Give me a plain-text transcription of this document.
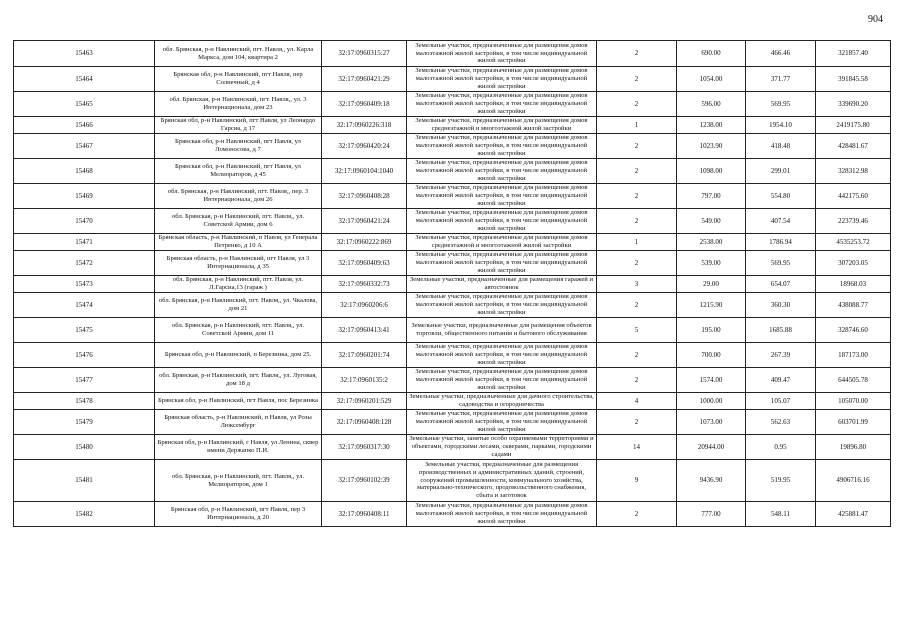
904
15463	обл. Брянская, р-н Навлинский, пгт. Навля,, ул. Карла Маркса, дом 104, квартира 2	32:17:0960315:27	Земельные участки, предназначенные для размещения домов малоэтажной жилой застройки, в том числе индивидуальной жилой застройки	2	690.00	466.46	321857.40
15464	Брянская обл, р-н Навлинский, пгт Навля, пер Солнечный, д 4	32:17:0960421:29	Земельные участки, предназначенные для размещения домов малоэтажной жилой застройки, в том числе индивидуальной жилой застройки	2	1054.00	371.77	391845.58
15465	обл. Брянская, р-н Навлинский, пгт. Навля,, ул. 3 Интернационала, дом 23	32:17:0960409:18	Земельные участки, предназначенные для размещения домов малоэтажной жилой застройки, в том числе индивидуальной жилой застройки	2	596.00	569.95	339690.20
15466	Брянская обл, р-н Навлинский, пгт Навля, ул Леонардо Гарсиа, д 17	32:17:0960226:318	Земельные участки, предназначенные для размещения домов среднеэтажной и многоэтажной жилой застройки	1	1238.00	1954.10	2419175.80
15467	Брянская обл, р-н Навлинский, пгт Навля, ул Ломоносова, д 7	32:17:0960420:24	Земельные участки, предназначенные для размещения домов малоэтажной жилой застройки, в том числе индивидуальной жилой застройки	2	1023.90	418.48	428481.67
15468	Брянская обл, р-н Навлинский, пгт Навля, ул Мелиораторов, д 45	32:17:0960104:1040	Земельные участки, предназначенные для размещения домов малоэтажной жилой застройки, в том числе индивидуальной жилой застройки	2	1098.00	299.01	328312.98
15469	обл. Брянская, р-н Навлинский, пгт. Навля,, пер. 3 Интернационала, дом 26	32:17:0960408:28	Земельные участки, предназначенные для размещения домов малоэтажной жилой застройки, в том числе индивидуальной жилой застройки	2	797.00	554.80	442175.60
15470	обл. Брянская, р-н Навлинский, пгт. Навля,, ул. Советской Армии, дом 6	32:17:0960421:24	Земельные участки, предназначенные для размещения домов малоэтажной жилой застройки, в том числе индивидуальной жилой застройки	2	549.00	407.54	223739.46
15471	Брянская область, р-н Навлинский, п Навля, ул Генерала Петренко, д 10 А	32:17:0960222:869	Земельные участки, предназначенные для размещения домов среднеэтажной и многоэтажной жилой застройки	1	2538.00	1786.94	4535253.72
15472	Брянская область, р-н Навлинский, пгт Навля, ул 3 Интернационала, д 35	32:17:0960409:63	Земельные участки, предназначенные для размещения домов малоэтажной жилой застройки, в том числе индивидуальной жилой застройки	2	539.00	569.95	307203.05
15473	обл. Брянская, р-н Навлинский, пгт. Навля, ул. Л.Гарсиа,13 (гараж )	32:17:0960332:73	Земельные участки, предназначенные для размещения гаражей и автостоянок	3	29.00	654.07	18968.03
15474	обл. Брянская, р-н Навлинский, пгт. Навля,, ул. Чкалова, дом 21	32:17:0960206:6	Земельные участки, предназначенные для размещения домов малоэтажной жилой застройки, в том числе индивидуальной жилой застройки	2	1215.90	360.30	438088.77
15475	обл. Брянская, р-н Навлинский, пгт. Навля,, ул. Советской Армии, дом 11	32:17:0960413:41	Земельные участки, предназначенные для размещения объектов торговли, общественного питания и бытового обслуживания	5	195.00	1685.88	328746.60
15476	Брянская обл, р-н Навлинский, п Березинка, дом 25.	32:17:0960201:74	Земельные участки, предназначенные для размещения домов малоэтажной жилой застройки, в том числе индивидуальной жилой застройки	2	700.00	267.39	187173.00
15477	обл. Брянская, р-н Навлинский, пгт. Навля,, ул. Луговая, дом 18 д	32:17:0960135:2	Земельные участки, предназначенные для размещения домов малоэтажной жилой застройки, в том числе индивидуальной жилой застройки	2	1574.00	409.47	644505.78
15478	Брянская обл, р-н Навлинский, пгт Навля, пос Березинка	32:17:0960201:529	Земельные участки, предназначенные для дачного строительства, садоводства и огородничества	4	1000.00	105.07	105070.00
15479	Брянская область, р-н Навлинский, п Навля, ул Розы Люксембург	32:17:0960408:128	Земельные участки, предназначенные для размещения домов малоэтажной жилой застройки, в том числе индивидуальной жилой застройки	2	1073.00	562.63	603701.99
15480	Брянская обл, р-н Навлинский, г Навля, ул Ленина, сквер имени Держапко П.И.	32:17:0960317:30	Земельные участки, занятые особо охраняемыми территориями и объектами, городскими лесами, скверами, парками, городскими садами	14	20944.00	0.95	19896.80
15481	обл. Брянская, р-н Навлинский, пгт. Навля,, ул. Мелиораторов, дом 1	32:17:0960102:39	Земельные участки, предназначенные для размещения производственных и административных зданий, строений, сооружений промышленности, коммунального хозяйства, материально-технического, продовольственного снабжения, сбыта и заготовок	9	9436.90	519.95	4906716.16
15482	Брянская обл, р-н Навлинский, пгт Навля, пер 3 Интернационала, д 20	32:17:0960408:11	Земельные участки, предназначенные для размещения домов малоэтажной жилой застройки, в том числе индивидуальной жилой застройки	2	777.00	548.11	425881.47
